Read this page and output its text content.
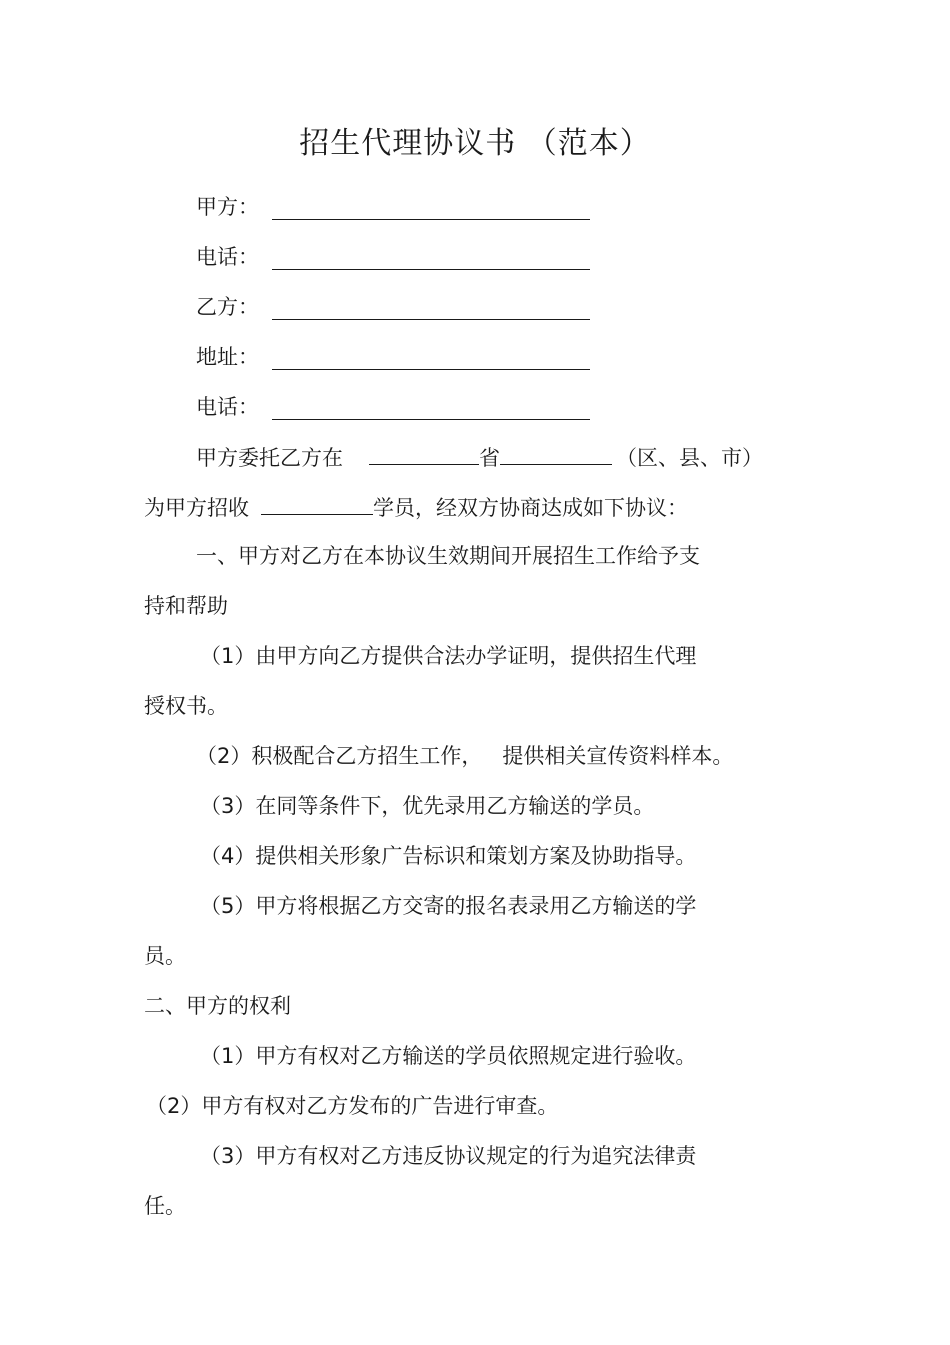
招生代理协议书 （范本）
甲方：
电话：
乙方：
地址：
电话：
甲方委托乙方在	省	（区、县、市）
为甲方招收	学员，经双方协商达成如下协议：
一、甲方对乙方在本协议生效期间开展招生工作给予支
持和帮助
（1）由甲方向乙方提供合法办学证明，提供招生代理
授权书。
（2）积极配合乙方招生工作， 提供相关宣传资料样本。
（3）在同等条件下，优先录用乙方输送的学员。
（4）提供相关形象广告标识和策划方案及协助指导。
（5）甲方将根据乙方交寄的报名表录用乙方输送的学
员。
二、甲方的权利
（1）甲方有权对乙方输送的学员依照规定进行验收。
（2）甲方有权对乙方发布的广告进行审查。
（3）甲方有权对乙方违反协议规定的行为追究法律责
任。
